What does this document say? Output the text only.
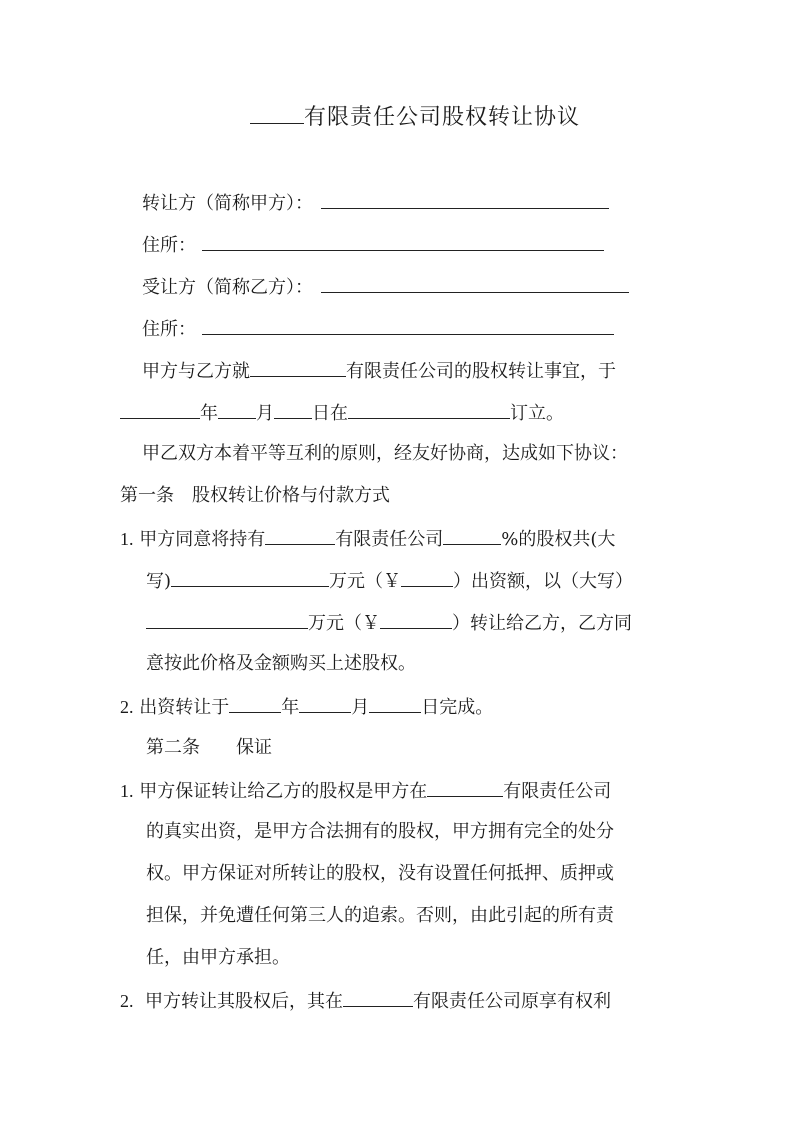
有限责任公司股权转让协议
转让方（简称甲方）：
住所：
受让方（简称乙方）：
住所：
甲方与乙方就	有限责任公司的股权转让事宜，于
年 月 日在	订立。
甲乙双方本着平等互利的原则，经友好协商，达成如下协议：
第一条　股权转让价格与付款方式
1. 甲方同意将持有	有限责任公司	%的股权共(大
写)	万元（￥	）出资额，以（大写）
万元（￥	）转让给乙方，乙方同
意按此价格及金额购买上述股权。
2. 出资转让于	年	月	日完成。
第二条　　保证
1. 甲方保证转让给乙方的股权是甲方在	有限责任公司
的真实出资，是甲方合法拥有的股权，甲方拥有完全的处分
权。甲方保证对所转让的股权，没有设置任何抵押、质押或
担保，并免遭任何第三人的追索。否则，由此引起的所有责
任，由甲方承担。
2. 甲方转让其股权后，其在	有限责任公司原享有权利
